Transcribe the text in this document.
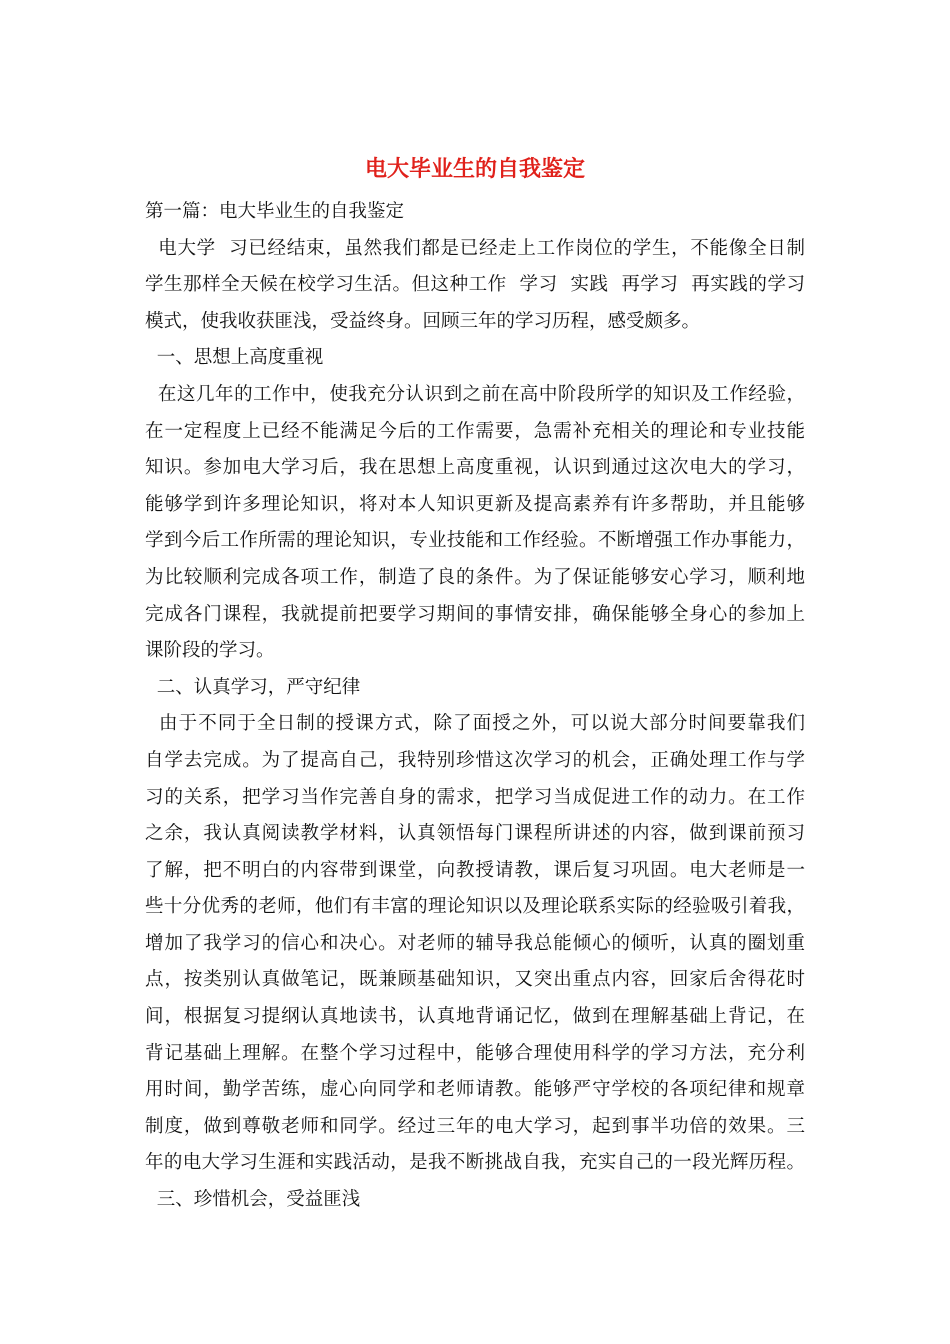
电大毕业生的自我鉴定
第一篇：电大毕业生的自我鉴定
电大学  习已经结束，虽然我们都是已经走上工作岗位的学生，不能像全日制
学生那样全天候在校学习生活。但这种工作  学习  实践  再学习  再实践的学习
模式，使我收获匪浅，受益终身。回顾三年的学习历程，感受颇多。
一、思想上高度重视
在这几年的工作中，使我充分认识到之前在高中阶段所学的知识及工作经验，
在一定程度上已经不能满足今后的工作需要，急需补充相关的理论和专业技能
知识。参加电大学习后，我在思想上高度重视，认识到通过这次电大的学习，
能够学到许多理论知识，将对本人知识更新及提高素养有许多帮助，并且能够
学到今后工作所需的理论知识，专业技能和工作经验。不断增强工作办事能力，
为比较顺利完成各项工作，制造了良的条件。为了保证能够安心学习，顺利地
完成各门课程，我就提前把要学习期间的事情安排，确保能够全身心的参加上
课阶段的学习。
二、认真学习，严守纪律
由于不同于全日制的授课方式，除了面授之外，可以说大部分时间要靠我们
自学去完成。为了提高自己，我特别珍惜这次学习的机会，正确处理工作与学
习的关系，把学习当作完善自身的需求，把学习当成促进工作的动力。在工作
之余，我认真阅读教学材料，认真领悟每门课程所讲述的内容，做到课前预习
了解，把不明白的内容带到课堂，向教授请教，课后复习巩固。电大老师是一
些十分优秀的老师，他们有丰富的理论知识以及理论联系实际的经验吸引着我，
增加了我学习的信心和决心。对老师的辅导我总能倾心的倾听，认真的圈划重
点，按类别认真做笔记，既兼顾基础知识，又突出重点内容，回家后舍得花时
间，根据复习提纲认真地读书，认真地背诵记忆，做到在理解基础上背记，在
背记基础上理解。在整个学习过程中，能够合理使用科学的学习方法，充分利
用时间，勤学苦练，虚心向同学和老师请教。能够严守学校的各项纪律和规章
制度，做到尊敬老师和同学。经过三年的电大学习，起到事半功倍的效果。三
年的电大学习生涯和实践活动，是我不断挑战自我，充实自己的一段光辉历程。
三、珍惜机会，受益匪浅
